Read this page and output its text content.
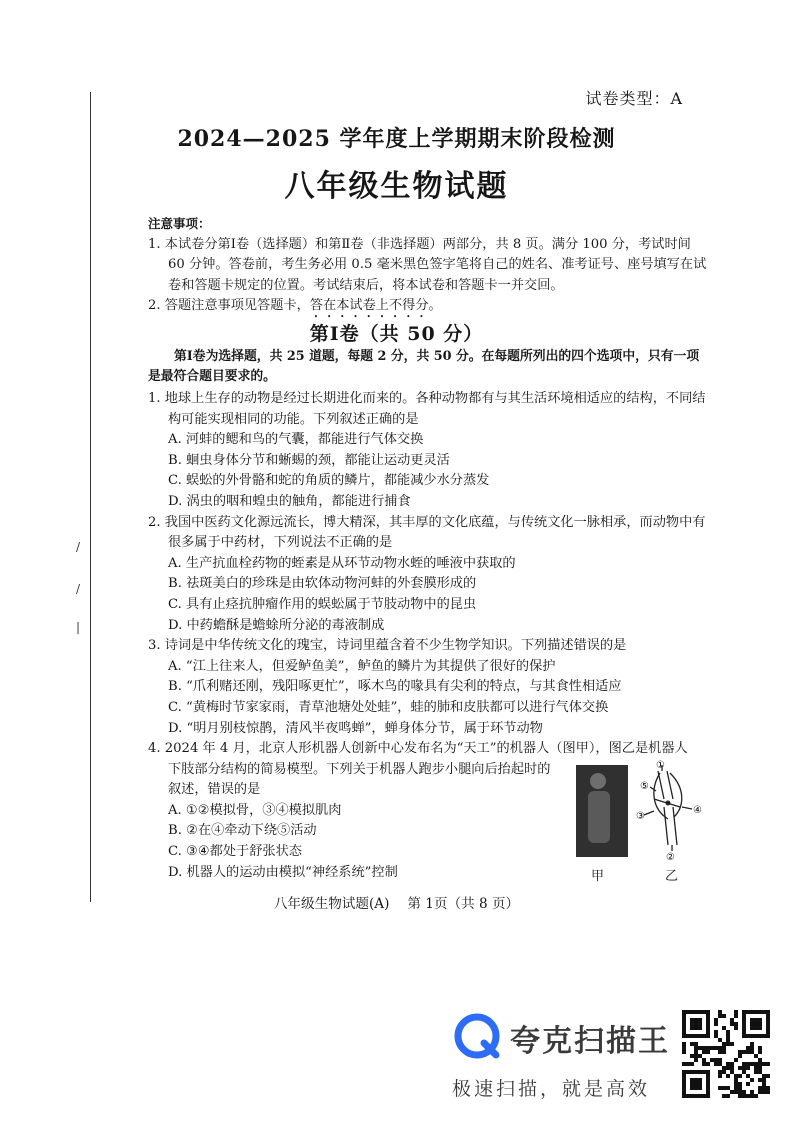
/
/
|
试卷类型：A
2024—2025 学年度上学期期末阶段检测
八年级生物试题
注意事项：
1. 本试卷分第Ⅰ卷（选择题）和第Ⅱ卷（非选择题）两部分，共 8 页。满分 100 分，考试时间 60 分钟。答卷前，考生务必用 0.5 毫米黑色签字笔将自己的姓名、准考证号、座号填写在试卷和答题卡规定的位置。考试结束后，将本试卷和答题卡一并交回。
2. 答题注意事项见答题卡，答在本试卷上不得分。
第Ⅰ卷（共 50 分）
第Ⅰ卷为选择题，共 25 道题，每题 2 分，共 50 分。在每题所列出的四个选项中，只有一项是最符合题目要求的。
1. 地球上生存的动物是经过长期进化而来的。各种动物都有与其生活环境相适应的结构，不同结构可能实现相同的功能。下列叙述正确的是
A. 河蚌的鳃和鸟的气囊，都能进行气体交换
B. 蛔虫身体分节和蜥蜴的颈，都能让运动更灵活
C. 蜈蚣的外骨骼和蛇的角质的鳞片，都能减少水分蒸发
D. 涡虫的咽和蝗虫的触角，都能进行捕食
2. 我国中医药文化源远流长，博大精深，其丰厚的文化底蕴，与传统文化一脉相承，而动物中有很多属于中药材，下列说法不正确的是
A. 生产抗血栓药物的蛭素是从环节动物水蛭的唾液中获取的
B. 祛斑美白的珍珠是由软体动物河蚌的外套膜形成的
C. 具有止痉抗肿瘤作用的蜈蚣属于节肢动物中的昆虫
D. 中药蟾酥是蟾蜍所分泌的毒液制成
3. 诗词是中华传统文化的瑰宝，诗词里蕴含着不少生物学知识。下列描述错误的是
A. “江上往来人，但爱鲈鱼美”，鲈鱼的鳞片为其提供了很好的保护
B. “爪利赌还刚，残阳啄更忙”，啄木鸟的喙具有尖利的特点，与其食性相适应
C. “黄梅时节家家雨，青草池塘处处蛙”，蛙的肺和皮肤都可以进行气体交换
D. “明月别枝惊鹊，清风半夜鸣蝉”，蝉身体分节，属于环节动物
4. 2024 年 4 月，北京人形机器人创新中心发布名为“天工”的机器人（图甲），图乙是机器人
下肢部分结构的简易模型。下列关于机器人跑步小腿向后抬起时的
叙述，错误的是
A. ①②模拟骨，③④模拟肌肉
B. ②在④牵动下绕⑤活动
C. ③④都处于舒张状态
D. 机器人的运动由模拟“神经系统”控制
①
②
③
④
⑤
甲	乙
八年级生物试题(A)　 第 1页（共 8 页）
夸克扫描王
极速扫描，就是高效
